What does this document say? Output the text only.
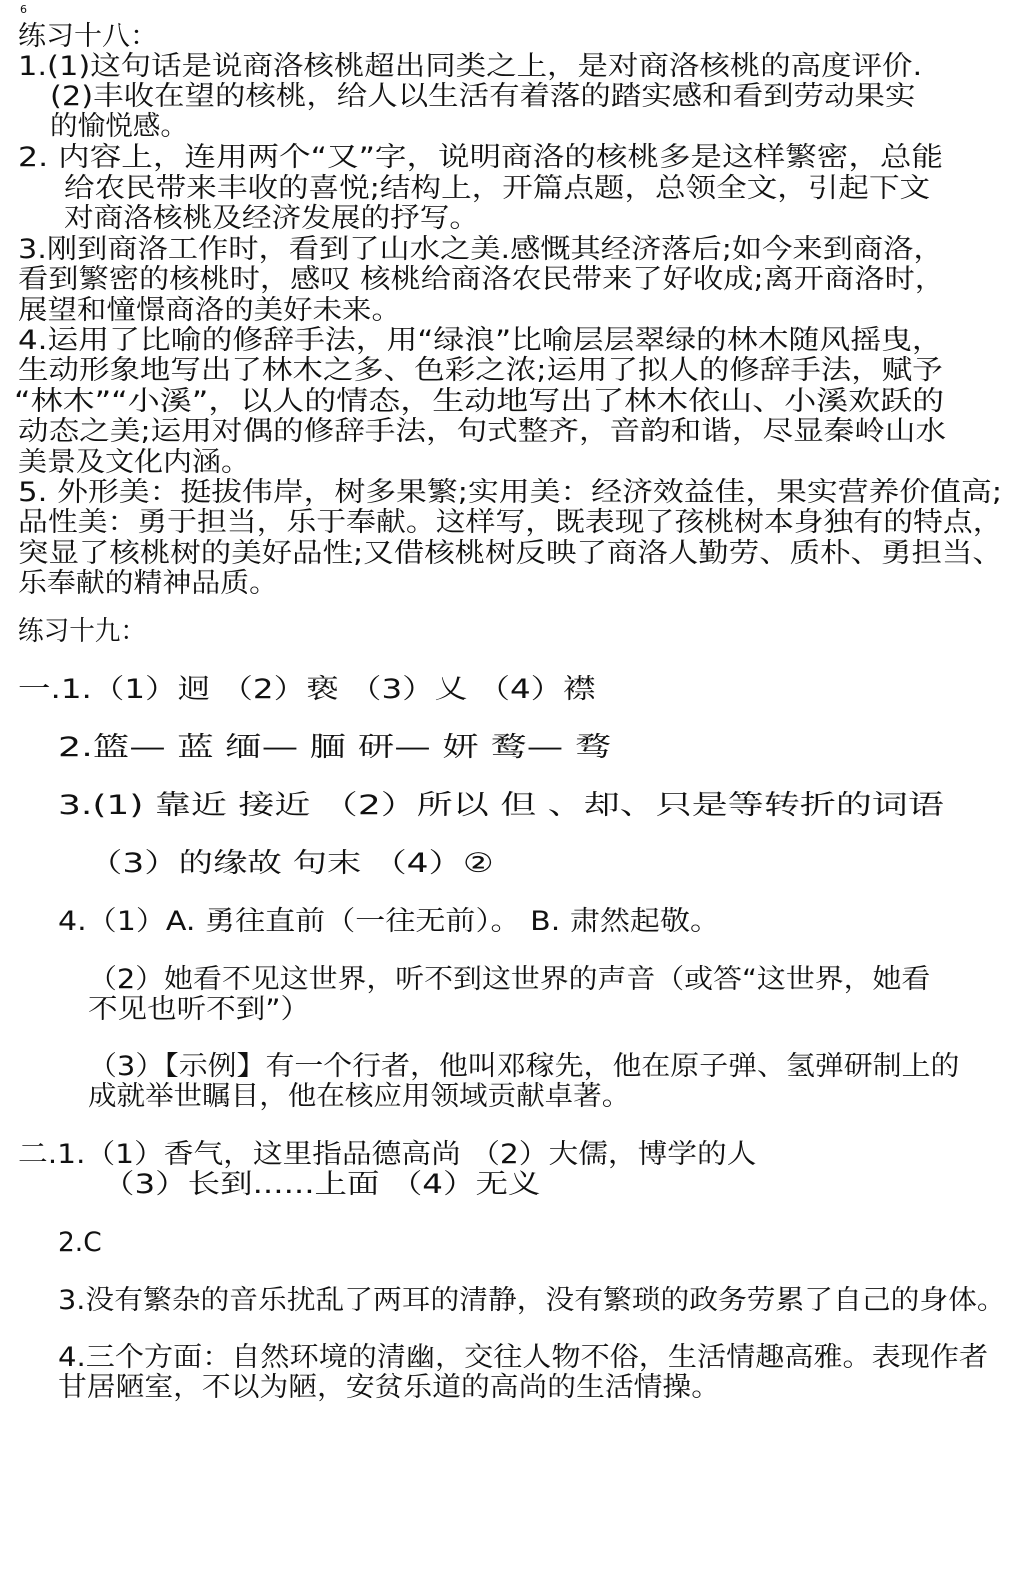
6
练习十八：
1.(1)这句话是说商洛核桃超出同类之上，是对商洛核桃的高度评价.
(2)丰收在望的核桃，给人以生活有着落的踏实感和看到劳动果实
的愉悦感。
2. 内容上，连用两个“又”字，说明商洛的核桃多是这样繁密，总能
给农民带来丰收的喜悦;结构上，开篇点题，总领全文，引起下文
对商洛核桃及经济发展的抒写。
3.刚到商洛工作时，看到了山水之美.感慨其经济落后;如今来到商洛，
看到繁密的核桃时，感叹 核桃给商洛农民带来了好收成;离开商洛时，
展望和憧憬商洛的美好未来。
4.运用了比喻的修辞手法，用“绿浪”比喻层层翠绿的林木随风摇曳，
生动形象地写出了林木之多、色彩之浓;运用了拟人的修辞手法，赋予
“林木”“小溪”，以人的情态，生动地写出了林木依山、小溪欢跃的
动态之美;运用对偶的修辞手法，句式整齐，音韵和谐，尽显秦岭山水
美景及文化内涵。
5. 外形美：挺拔伟岸，树多果繁;实用美：经济效益佳，果实营养价值高;
品性美：勇于担当，乐于奉献。这样写，既表现了孩桃树本身独有的特点，
突显了核桃树的美好品性;又借核桃树反映了商洛人勤劳、质朴、勇担当、
乐奉献的精神品质。
练习十九：
一.1.（1）迥 （2）亵 （3）乂 （4）襟
2.篮— 蓝 缅— 腼 研— 妍 鹜— 骛
3.(1) 靠近 接近 （2）所以 但 、却、只是等转折的词语
（3）的缘故 句末 （4）②
4.（1）A. 勇往直前（一往无前）。 B. 肃然起敬。
（2）她看不见这世界，听不到这世界的声音（或答“这世界，她看
不见也听不到”）
（3）【示例】有一个行者，他叫邓稼先，他在原子弹、氢弹研制上的
成就举世瞩目，他在核应用领域贡献卓著。
二.1.（1）香气，这里指品德高尚 （2）大儒，博学的人
（3）长到......上面 （4）无义
2.C
3.没有繁杂的音乐扰乱了两耳的清静，没有繁琐的政务劳累了自己的身体。
4.三个方面：自然环境的清幽，交往人物不俗，生活情趣高雅。表现作者
甘居陋室，不以为陋，安贫乐道的高尚的生活情操。
